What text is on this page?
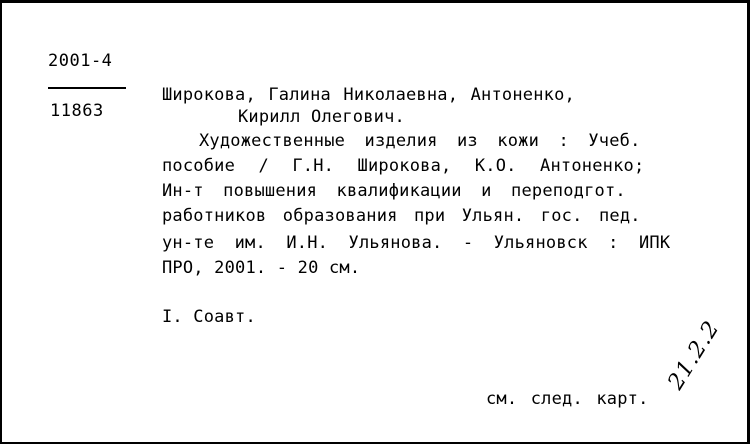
2001-4
11863
Широкова, Галина Николаевна, Антоненко,
Кирилл Олегович.
Художественные изделия из кожи : Учеб.
пособие / Г.Н. Широкова, К.О. Антоненко;
Ин-т повышения квалификации и переподгот.
работников образования при Ульян. гос. пед.
ун-те им. И.Н. Ульянова. - Ульяновск : ИПК
ПРО, 2001. - 20 см.
I. Соавт.
см. след. карт.
21.2.2
